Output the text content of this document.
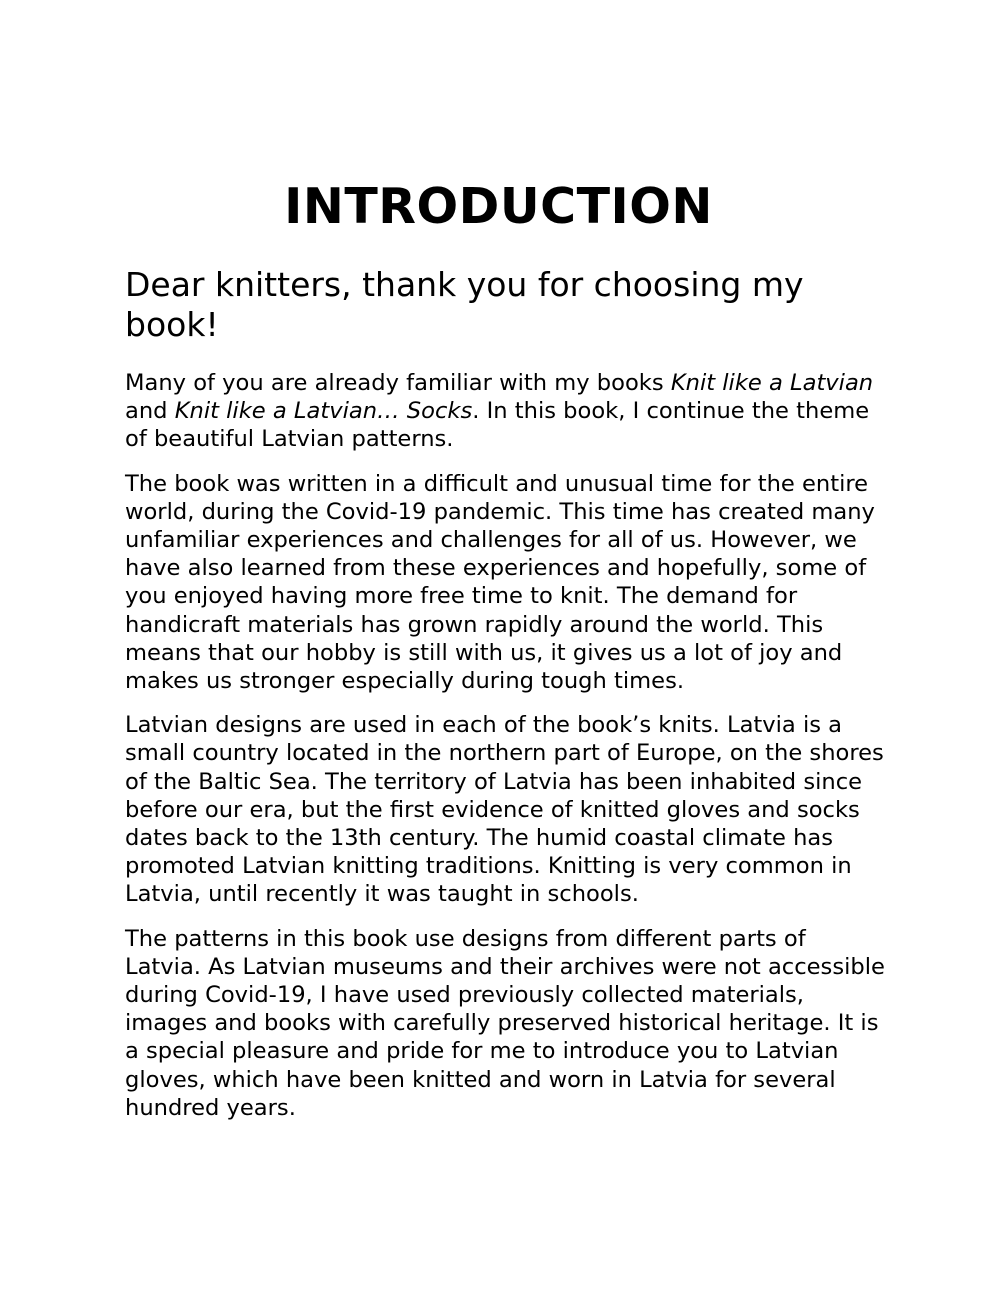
INTRODUCTION
Dear knitters, thank you for choosing my book!

Many of you are already familiar with my books Knit like a Latvian and Knit like a Latvian… Socks. In this book, I continue the theme of beautiful Latvian patterns.

The book was written in a difficult and unusual time for the entire world, during the Covid-19 pandemic. This time has created many unfamiliar experiences and challenges for all of us. However, we have also learned from these experiences and hopefully, some of you enjoyed having more free time to knit. The demand for handicraft materials has grown rapidly around the world. This means that our hobby is still with us, it gives us a lot of joy and makes us stronger especially during tough times.

Latvian designs are used in each of the book’s knits. Latvia is a small country located in the northern part of Europe, on the shores of the Baltic Sea. The territory of Latvia has been inhabited since before our era, but the first evidence of knitted gloves and socks dates back to the 13th century. The humid coastal climate has promoted Latvian knitting traditions. Knitting is very common in Latvia, until recently it was taught in schools.

The patterns in this book use designs from different parts of Latvia. As Latvian museums and their archives were not accessible during Covid-19, I have used previously collected materials, images and books with carefully preserved historical heritage. It is a special pleasure and pride for me to introduce you to Latvian gloves, which have been knitted and worn in Latvia for several hundred years.
